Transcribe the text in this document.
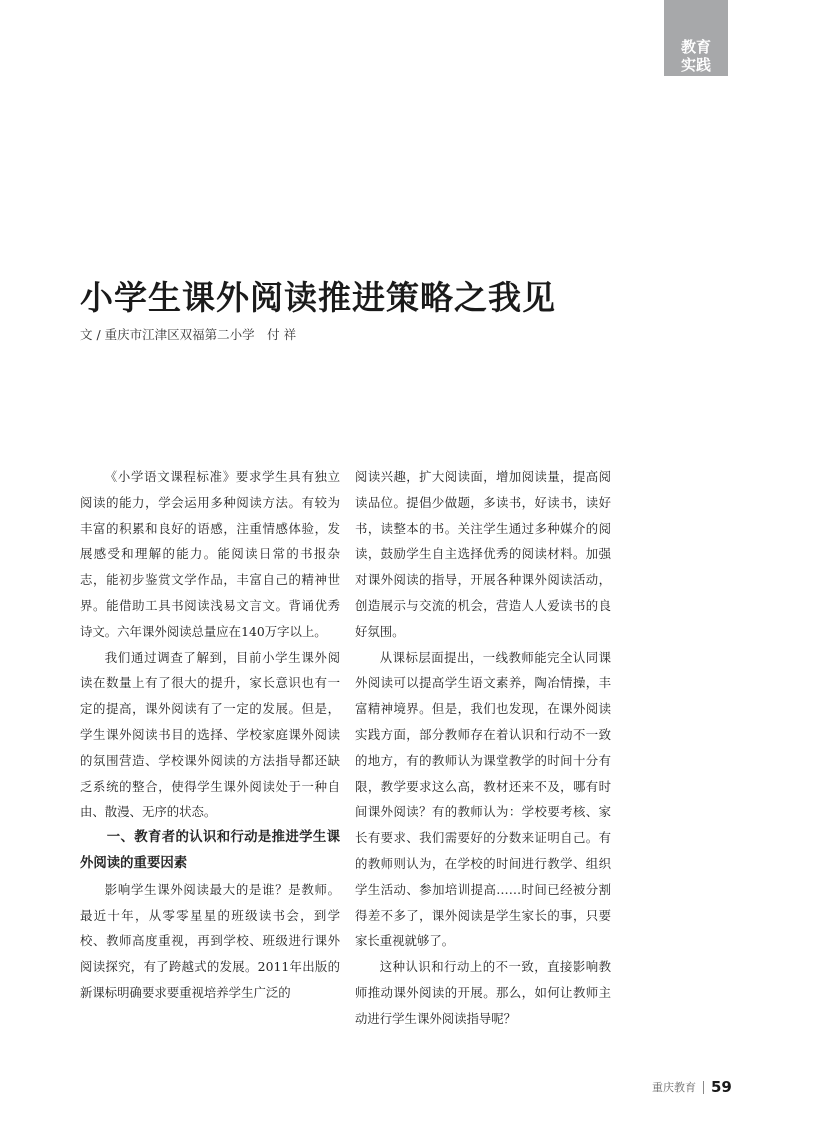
教育
实践
小学生课外阅读推进策略之我见
文 / 重庆市江津区双福第二小学　付 祥

《小学语文课程标准》要求学生具有独立阅读的能力，学会运用多种阅读方法。有较为丰富的积累和良好的语感，注重情感体验，发展感受和理解的能力。能阅读日常的书报杂志，能初步鉴赏文学作品，丰富自己的精神世界。能借助工具书阅读浅易文言文。背诵优秀诗文。六年课外阅读总量应在140万字以上。

我们通过调查了解到，目前小学生课外阅读在数量上有了很大的提升，家长意识也有一定的提高，课外阅读有了一定的发展。但是，学生课外阅读书目的选择、学校家庭课外阅读的氛围营造、学校课外阅读的方法指导都还缺乏系统的整合，使得学生课外阅读处于一种自由、散漫、无序的状态。

一、教育者的认识和行动是推进学生课外阅读的重要因素

影响学生课外阅读最大的是谁？是教师。最近十年，从零零星星的班级读书会，到学校、教师高度重视，再到学校、班级进行课外阅读探究，有了跨越式的发展。2011年出版的新课标明确要求要重视培养学生广泛的

阅读兴趣，扩大阅读面，增加阅读量，提高阅读品位。提倡少做题，多读书，好读书，读好书，读整本的书。关注学生通过多种媒介的阅读，鼓励学生自主选择优秀的阅读材料。加强对课外阅读的指导，开展各种课外阅读活动，创造展示与交流的机会，营造人人爱读书的良好氛围。

从课标层面提出，一线教师能完全认同课外阅读可以提高学生语文素养，陶冶情操，丰富精神境界。但是，我们也发现，在课外阅读实践方面，部分教师存在着认识和行动不一致的地方，有的教师认为课堂教学的时间十分有限，教学要求这么高，教材还来不及，哪有时间课外阅读？有的教师认为：学校要考核、家长有要求、我们需要好的分数来证明自己。有的教师则认为，在学校的时间进行教学、组织学生活动、参加培训提高……时间已经被分割得差不多了，课外阅读是学生家长的事，只要家长重视就够了。

这种认识和行动上的不一致，直接影响教师推动课外阅读的开展。那么，如何让教师主动进行学生课外阅读指导呢？

重庆教育 59
